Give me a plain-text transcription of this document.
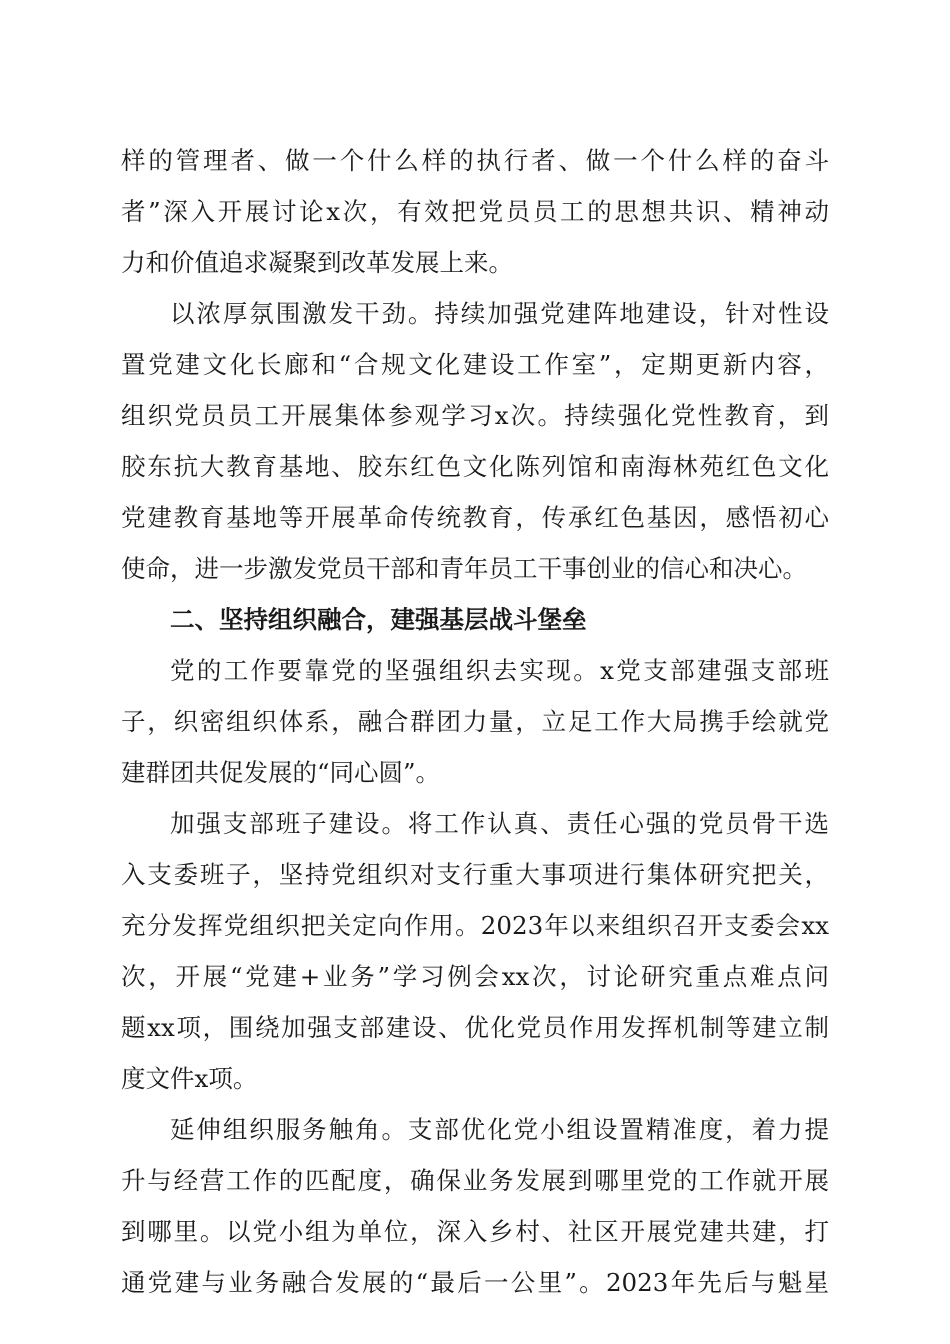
样的管理者、做一个什么样的执行者、做一个什么样的奋斗
者”深入开展讨论x次，有效把党员员工的思想共识、精神动
力和价值追求凝聚到改革发展上来。
以浓厚氛围激发干劲。持续加强党建阵地建设，针对性设
置党建文化长廊和“合规文化建设工作室”，定期更新内容，
组织党员员工开展集体参观学习x次。持续强化党性教育，到
胶东抗大教育基地、胶东红色文化陈列馆和南海林苑红色文化
党建教育基地等开展革命传统教育，传承红色基因，感悟初心
使命，进一步激发党员干部和青年员工干事创业的信心和决心。
二、坚持组织融合，建强基层战斗堡垒
党的工作要靠党的坚强组织去实现。x党支部建强支部班
子，织密组织体系，融合群团力量，立足工作大局携手绘就党
建群团共促发展的“同心圆”。
加强支部班子建设。将工作认真、责任心强的党员骨干选
入支委班子，坚持党组织对支行重大事项进行集体研究把关，
充分发挥党组织把关定向作用。2023年以来组织召开支委会xx
次，开展“党建+业务”学习例会xx次，讨论研究重点难点问
题xx项，围绕加强支部建设、优化党员作用发挥机制等建立制
度文件x项。
延伸组织服务触角。支部优化党小组设置精准度，着力提
升与经营工作的匹配度，确保业务发展到哪里党的工作就开展
到哪里。以党小组为单位，深入乡村、社区开展党建共建，打
通党建与业务融合发展的“最后一公里”。2023年先后与魁星
